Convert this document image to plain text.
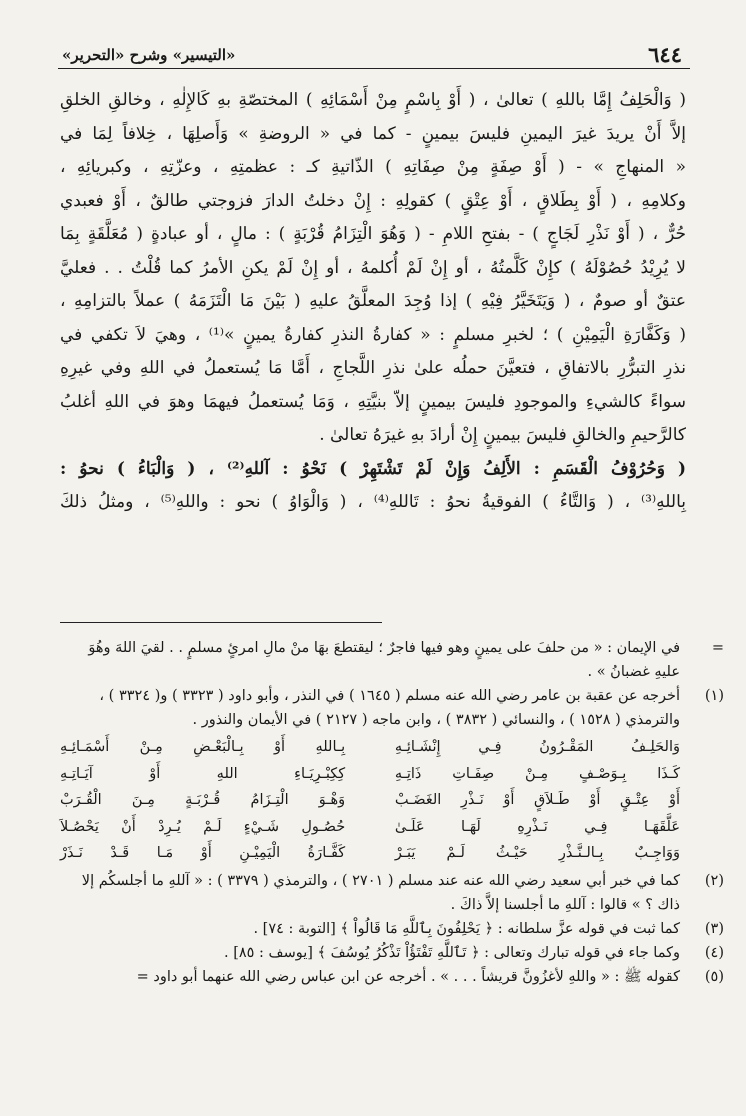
٦٤٤
«التيسير» وشرح «التحرير»
( وَالْحَلِفُ إِمَّا باللهِ ) تعالىٰ ، ( أَوْ بِاسْمٍ مِنْ أَسْمَائِهِ ) المختصّةِ بهِ كَالإِلٰهِ ، وخالقِ الخلقِ
إلاَّ أَنْ يريدَ غيرَ اليمينِ فليسَ بيمينٍ - كما في « الروضةِ » وَأَصلِهَا ، خِلافاً لِمَا في
« المنهاجِ » - ( أَوْ صِفَةٍ مِنْ صِفَاتِهِ ) الذّاتيةِ كـ : عظمتِهِ ، وعزّتِهِ ، وكبريائِهِ ،
وكلامِهِ ، ( أَوْ بِطَلاقٍ ، أَوْ عِتْقٍ ) كقولِهِ : إِنْ دخلتُ الدارَ فزوجتي طالقٌ ، أَوْ فعبدي
حُرٌّ ، ( أَوْ نَذْرِ لَجَاجٍ ) - بفتحِ اللامِ - ( وَهُوَ الْتِزَامُ قُرْبَةٍ ) : مالٍ ، أو عبادةٍ ( مُعَلَّقَةٍ بِمَا
لا يُرِيْدُ حُصُوْلَهُ ) كإِنْ كَلَّمتُهُ ، أو إِنْ لَمْ أُكلمهُ ، أو إِنْ لَمْ يكنِ الأمرُ كما قُلْتُ . . فعليَّ
عتقٌ أو صومٌ ، ( وَيَتَخَيَّرُ فِيْهِ ) إذا وُجِدَ المعلَّقُ عليهِ ( بَيْنَ مَا الْتَزَمَهُ ) عملاً بالتزامِهِ ،
( وَكَفَّارَةِ الْيَمِيْنِ ) ؛ لخبرِ مسلمٍ : « كفارةُ النذرِ كفارةُ يمينٍ »⁽¹⁾ ، وهيَ لاَ تكفي في
نذرِ التبرُّرِ بالاتفاقِ ، فتعيَّنَ حملُه علىٰ نذرِ اللَّجاجِ ، أَمَّا مَا يُستعملُ في اللهِ وفي غيرِهِ
سواءً كالشيءِ والموجودِ فليسَ بيمينٍ إلاّ بنيَّتِهِ ، وَمَا يُستعملُ فيهمَا وهوَ في اللهِ أغلبُ
كالرَّحيمِ والخالقِ فليسَ بيمينٍ إِنْ أرادَ بهِ غيرَهُ تعالىٰ .
( وَحُرُوْفُ الْقَسَمِ : الأَلِفُ وَإِنْ لَمْ تَشْتَهِرْ ) نَحْوُ : آللهِ⁽²⁾ ، ( وَالْبَاءُ ) نحوُ :
بِاللهِ⁽³⁾ ، ( وَالتَّاءُ ) الفوقيةُ نحوُ : تَاللهِ⁽⁴⁾ ، ( وَالْوَاوُ ) نحو : واللهِ⁽⁵⁾ ، ومثلُ ذلكَ
=
في الإيمان : « من حلفَ على يمينٍ وهو فيها فاجرٌ ؛ ليقتطعَ بهَا منْ مالِ امرئٍ مسلمٍ . . لقيَ اللهَ وهُوَ عليهِ غضبانُ » .
(١)
أخرجه عن عقبة بن عامر رضي الله عنه مسلم ( ١٦٤٥ ) في النذر ، وأبو داود ( ٣٣٢٣ ) و( ٣٣٢٤ ) ، والترمذي ( ١٥٢٨ ) ، والنسائي ( ٣٨٣٢ ) ، وابن ماجه ( ٢١٢٧ ) في الأيمان والنذور .
وَالحَلِـفُ المَقْـرُونُ فِـي إِنْشَـائِـهِ
بِـاللهِ أَوْ بِـالْبَعْـضِ مِـنْ أَسْمَـائِـهِ
كَـذَا بِـوَصْـفٍ مِـنْ صِفَـاتِ ذَاتِـهِ
كِكِبْـرِيَـاءِ اللهِ أَوْ آيَـاتِـهِ
أَوْ عِتْـقٍ أَوْ طَـلاَقٍ أَوْ نَـذْرِ الغَضَـبْ
وَهْـوَ الْتِـزَامُ قُـرْبَـةٍ مِـنَ الْقُـرَبْ
عَلَّقَهَـا فِـي نَـذْرِهِ لَهَـا عَلَـىٰ
حُصُـولِ شَـيْءٍ لَـمْ يُـرِدْ أَنْ يَحْصُـلاَ
وَوَاجِـبٌ بِـالـنَّـذْرِ حَيْـثُ لَـمْ يَبَـرْ
كَفَّـارَةُ الْيَمِيْـنِ أَوْ مَـا قَـدْ نَـذَرْ
(٢)
كما في خبر أبي سعيد رضي الله عنه عند مسلم ( ٢٧٠١ ) ، والترمذي ( ٣٣٧٩ ) : « آللهِ ما أجلسكُم إلا ذاك ؟ » قالوا : آللهِ ما أجلسنا إلاَّ ذاكَ .
(٣)
كما ثبت في قوله عزَّ سلطانه : ﴿ يَحْلِفُونَ بِٱللَّهِ مَا قَالُواْ ﴾ [التوبة : ٧٤] .
(٤)
وكما جاء في قوله تبارك وتعالى : ﴿ تَٱللَّهِ تَفْتَؤُاْ تَذْكُرُ يُوسُفَ ﴾ [يوسف : ٨٥] .
(٥)
كقوله ﷺ : « واللهِ لأغزُونَّ قريشاً . . . » . أخرجه عن ابن عباس رضي الله عنهما أبو داود =
